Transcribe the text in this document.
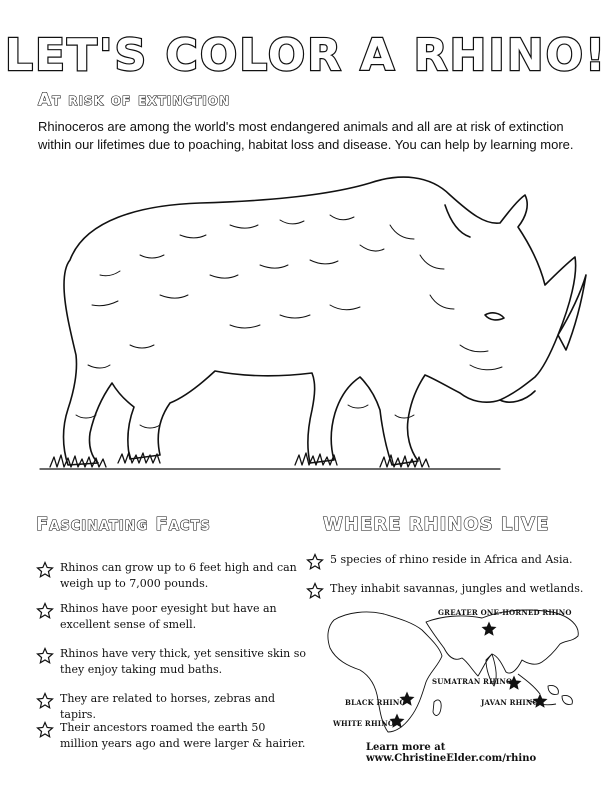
LET'S COLOR A RHINO!
At risk of extinction
Rhinoceros are among the world's most endangered animals and all are at risk of extinction within our lifetimes due to poaching, habitat loss and disease. You can help by learning more.
Fascinating Facts	WHERE RHINOS LIVE
Rhinos can grow up to 6 feet high and can weigh up to 7,000 pounds.
Rhinos have poor eyesight but have an excellent sense of smell.
Rhinos have very thick, yet sensitive skin so they enjoy taking mud baths.
They are related to horses, zebras and tapirs.
Their ancestors roamed the earth 50 million years ago and were larger & hairier.
5 species of rhino reside in Africa and Asia.
They inhabit savannas, jungles and wetlands.
GREATER ONE-HORNED RHINO
SUMATRAN RHINO
JAVAN RHINO
BLACK RHINO
WHITE RHINO
Learn more at www.ChristineElder.com/rhino
